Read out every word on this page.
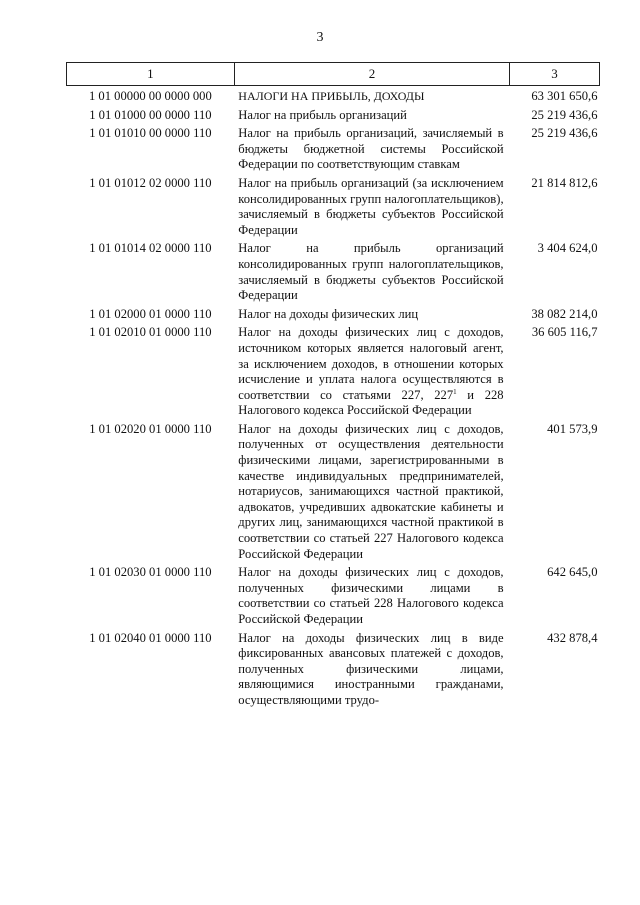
3
1	2	3
1 01 00000 00 0000 000	НАЛОГИ НА ПРИБЫЛЬ, ДОХОДЫ	63 301 650,6
1 01 01000 00 0000 110	Налог на прибыль организаций	25 219 436,6
1 01 01010 00 0000 110	Налог на прибыль организаций, зачисляемый в бюджеты бюджетной системы Российской Федерации по соответствующим ставкам	25 219 436,6
1 01 01012 02 0000 110	Налог на прибыль организаций (за исключением консолидированных групп налогоплательщиков), зачисляемый в бюджеты субъектов Российской Федерации	21 814 812,6
1 01 01014 02 0000 110	Налог на прибыль организаций консолидированных групп налогоплательщиков, зачисляемый в бюджеты субъектов Российской Федерации	3 404 624,0
1 01 02000 01 0000 110	Налог на доходы физических лиц	38 082 214,0
1 01 02010 01 0000 110	Налог на доходы физических лиц с доходов, источником которых является налоговый агент, за исключением доходов, в отношении которых исчисление и уплата налога осуществляются в соответствии со статьями 227, $227^1$ и 228 Налогового кодекса Российской Федерации	36 605 116,7
1 01 02020 01 0000 110	Налог на доходы физических лиц с доходов, полученных от осуществления деятельности физическими лицами, зарегистрированными в качестве индивидуальных предпринимателей, нотариусов, занимающихся частной практикой, адвокатов, учредивших адвокатские кабинеты и других лиц, занимающихся частной практикой в соответствии со статьей 227 Налогового кодекса Российской Федерации	401 573,9
1 01 02030 01 0000 110	Налог на доходы физических лиц с доходов, полученных физическими лицами в соответствии со статьей 228 Налогового кодекса Российской Федерации	642 645,0
1 01 02040 01 0000 110	Налог на доходы физических лиц в виде фиксированных авансовых платежей с доходов, полученных физическими лицами, являющимися иностранными гражданами, осуществляющими трудо-	432 878,4
